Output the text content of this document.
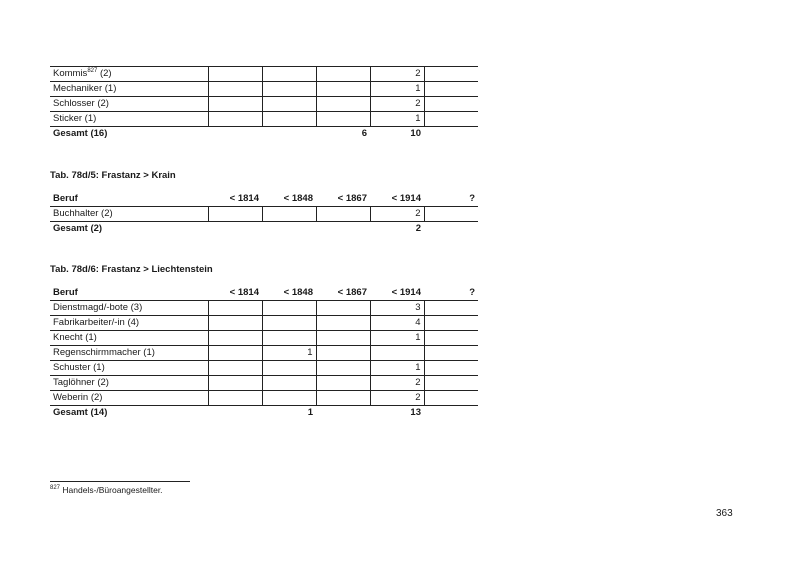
Kommis$^{827}$ (2)				2	
Mechaniker (1)				1	
Schlosser (2)				2	
Sticker (1)				1	
Gesamt (16)			6	10	
Tab. 78d/5: Frastanz > Krain
Beruf	< 1814	< 1848	< 1867	< 1914	?
Buchhalter (2)				2	
Gesamt (2)				2	
Tab. 78d/6: Frastanz > Liechtenstein
Beruf	< 1814	< 1848	< 1867	< 1914	?
Dienstmagd/-bote (3)				3	
Fabrikarbeiter/-in (4)				4	
Knecht (1)				1	
Regenschirmmacher (1)		1			
Schuster (1)				1	
Taglöhner (2)				2	
Weberin (2)				2	
Gesamt (14)		1		13	
$^{827}$ Handels-/Büroangestellter.
363
